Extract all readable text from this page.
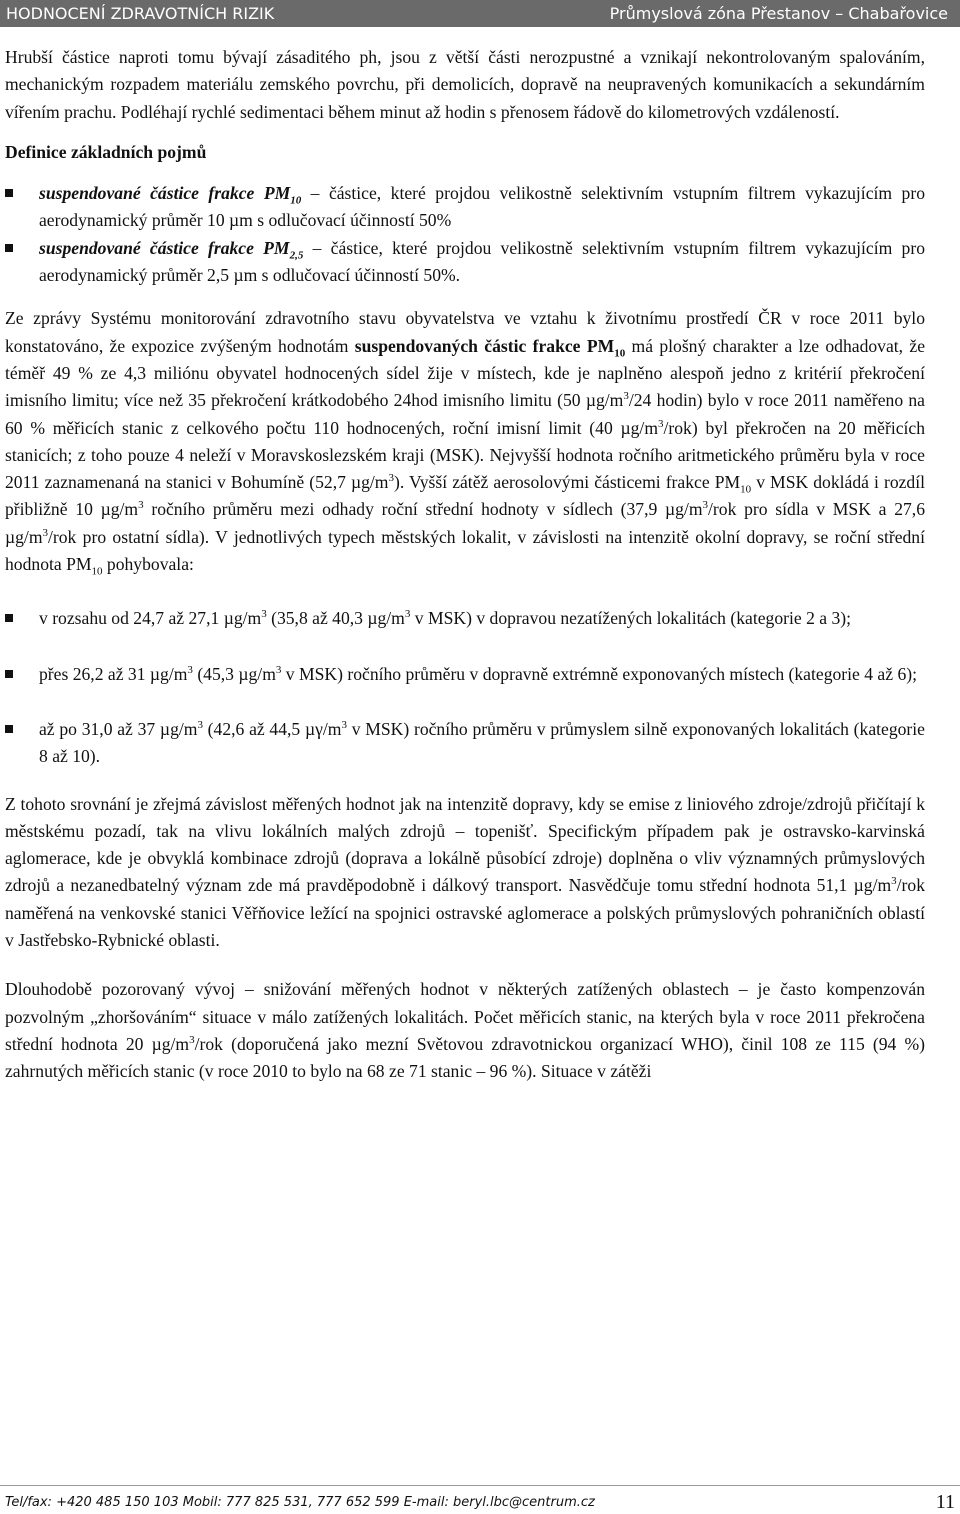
HODNOCENÍ ZDRAVOTNÍCH RIZIK	Průmyslová zóna Přestanov – Chabařovice

Hrubší částice naproti tomu bývají zásaditého ph, jsou z větší části nerozpustné a vznikají nekontrolovaným spalováním, mechanickým rozpadem materiálu zemského povrchu, při demolicích, dopravě na neupravených komunikacích a sekundárním vířením prachu. Podléhají rychlé sedimentaci během minut až hodin s přenosem řádově do kilometrových vzdáleností.

Definice základních pojmů

suspendované částice frakce $PM_{10}$ – částice, které projdou velikostně selektivním vstupním filtrem vykazujícím pro aerodynamický průměr 10 µm s odlučovací účinností 50%
suspendované částice frakce $PM_{2,5}$ – částice, které projdou velikostně selektivním vstupním filtrem vykazujícím pro aerodynamický průměr 2,5 µm s odlučovací účinností 50%.

Ze zprávy Systému monitorování zdravotního stavu obyvatelstva ve vztahu k životnímu prostředí ČR v roce 2011 bylo konstatováno, že expozice zvýšeným hodnotám suspendovaných částic frakce $PM_{10}$ má plošný charakter a lze odhadovat, že téměř 49 % ze 4,3 miliónu obyvatel hodnocených sídel žije v místech, kde je naplněno alespoň jedno z kritérií překročení imisního limitu; více než 35 překročení krátkodobého 24hod imisního limitu (50 $\mu g/m^3/24$ hodin) bylo v roce 2011 naměřeno na 60 % měřicích stanic z celkového počtu 110 hodnocených, roční imisní limit (40 $\mu g/m^3/rok$) byl překročen na 20 měřicích stanicích; z toho pouze 4 neleží v Moravskoslezském kraji (MSK). Nejvyšší hodnota ročního aritmetického průměru byla v roce 2011 zaznamenaná na stanici v Bohumíně (52,7 $\mu g/m^3$). Vyšší zátěž aerosolovými částicemi frakce $PM_{10}$ v MSK dokládá i rozdíl přibližně 10 $\mu g/m^3$ ročního průměru mezi odhady roční střední hodnoty v sídlech (37,9 $\mu g/m^3$/rok pro sídla v MSK a 27,6 $\mu g/m^3$/rok pro ostatní sídla). V jednotlivých typech městských lokalit, v závislosti na intenzitě okolní dopravy, se roční střední hodnota $PM_{10}$ pohybovala:

v rozsahu od 24,7 až 27,1 $\mu g/m^3$ (35,8 až 40,3 $\mu g/m^3$ v MSK) v dopravou nezatížených lokalitách (kategorie 2 a 3);
přes 26,2 až 31 $\mu g/m^3$ (45,3 $\mu g/m^3$ v MSK) ročního průměru v dopravně extrémně exponovaných místech (kategorie 4 až 6);
až po 31,0 až 37 $\mu g/m^3$ (42,6 až 44,5 $\mu\gamma/m^3$ v MSK) ročního průměru v průmyslem silně exponovaných lokalitách (kategorie 8 až 10).

Z tohoto srovnání je zřejmá závislost měřených hodnot jak na intenzitě dopravy, kdy se emise z liniového zdroje/zdrojů přičítají k městskému pozadí, tak na vlivu lokálních malých zdrojů – topenišť. Specifickým případem pak je ostravsko-karvinská aglomerace, kde je obvyklá kombinace zdrojů (doprava a lokálně působící zdroje) doplněna o vliv významných průmyslových zdrojů a nezanedbatelný význam zde má pravděpodobně i dálkový transport. Nasvědčuje tomu střední hodnota 51,1 $\mu g/m^3$/rok naměřená na venkovské stanici Věřňovice ležící na spojnici ostravské aglomerace a polských průmyslových pohraničních oblastí v Jastřebsko-Rybnické oblasti.

Dlouhodobě pozorovaný vývoj – snižování měřených hodnot v některých zatížených oblastech – je často kompenzován pozvolným „zhoršováním“ situace v málo zatížených lokalitách. Počet měřicích stanic, na kterých byla v roce 2011 překročena střední hodnota 20 $\mu g/m^3$/rok (doporučená jako mezní Světovou zdravotnickou organizací WHO), činil 108 ze 115 (94 %) zahrnutých měřicích stanic (v roce 2010 to bylo na 68 ze 71 stanic – 96 %). Situace v zátěži

Tel/fax: +420 485 150 103 Mobil: 777 825 531, 777 652 599 E-mail: beryl.lbc@centrum.cz	11
